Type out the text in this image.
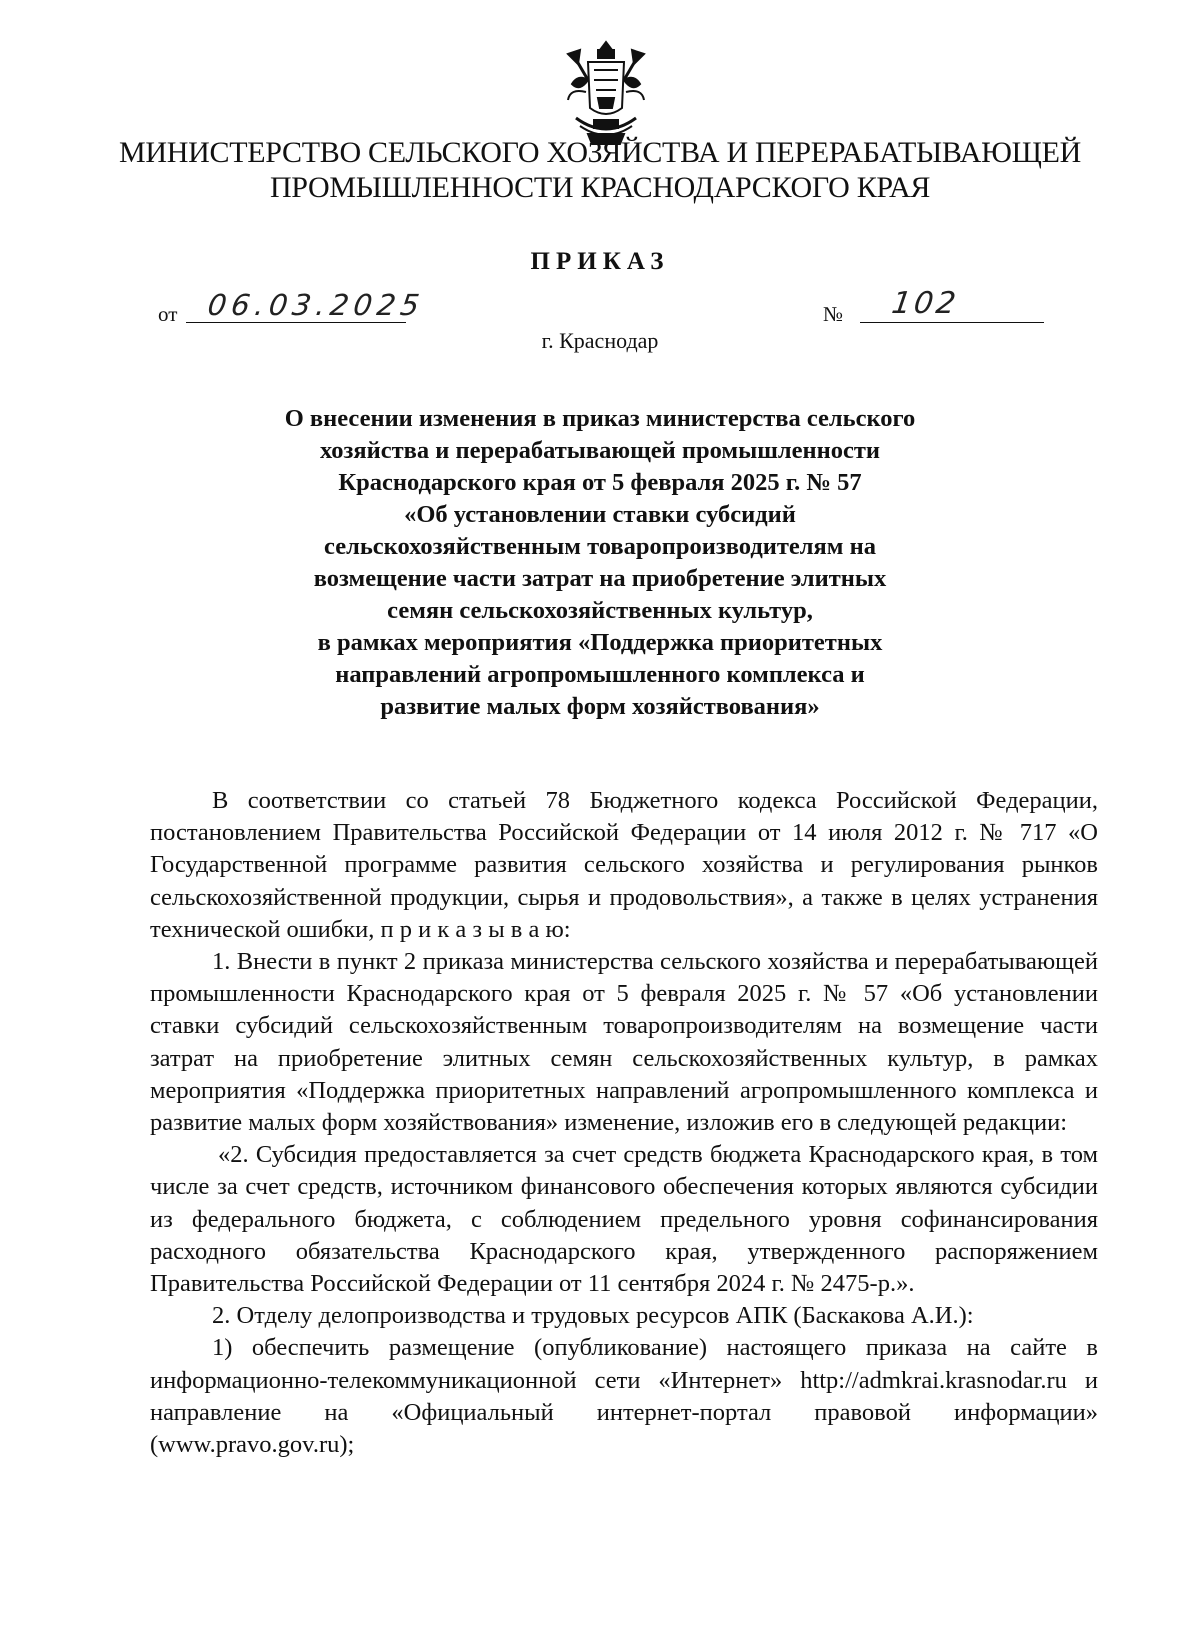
МИНИСТЕРСТВО СЕЛЬСКОГО ХОЗЯЙСТВА И ПЕРЕРАБАТЫВАЮЩЕЙ
ПРОМЫШЛЕННОСТИ КРАСНОДАРСКОГО КРАЯ
ПРИКАЗ
от 06.03.2025	№ 102
г. Краснодар
О внесении изменения в приказ министерства сельского
хозяйства и перерабатывающей промышленности
Краснодарского края от 5 февраля 2025 г. № 57
«Об установлении ставки субсидий
сельскохозяйственным товаропроизводителям на
возмещение части затрат на приобретение элитных
семян сельскохозяйственных культур,
в рамках мероприятия «Поддержка приоритетных
направлений агропромышленного комплекса и
развитие малых форм хозяйствования»

В соответствии со статьей 78 Бюджетного кодекса Российской Федерации, постановлением Правительства Российской Федерации от 14 июля 2012 г. № 717 «О Государственной программе развития сельского хозяйства и регулирования рынков сельскохозяйственной продукции, сырья и продовольствия», а также в целях устранения технической ошибки, п р и к а з ы в а ю:

1. Внести в пункт 2 приказа министерства сельского хозяйства и перерабатывающей промышленности Краснодарского края от 5 февраля 2025 г. № 57 «Об установлении ставки субсидий сельскохозяйственным товаропроизводителям на возмещение части затрат на приобретение элитных семян сельскохозяйственных культур, в рамках мероприятия «Поддержка приоритетных направлений агропромышленного комплекса и развитие малых форм хозяйствования» изменение, изложив его в следующей редакции:

«2. Субсидия предоставляется за счет средств бюджета Краснодарского края, в том числе за счет средств, источником финансового обеспечения которых являются субсидии из федерального бюджета, с соблюдением предельного уровня софинансирования расходного обязательства Краснодарского края, утвержденного распоряжением Правительства Российской Федерации от 11 сентября 2024 г. № 2475-р.».

2. Отделу делопроизводства и трудовых ресурсов АПК (Баскакова А.И.):

1) обеспечить размещение (опубликование) настоящего приказа на сайте в информационно-телекоммуникационной сети «Интернет» http://admkrai.krasnodar.ru и направление на «Официальный интернет-портал правовой информации» (www.pravo.gov.ru);
